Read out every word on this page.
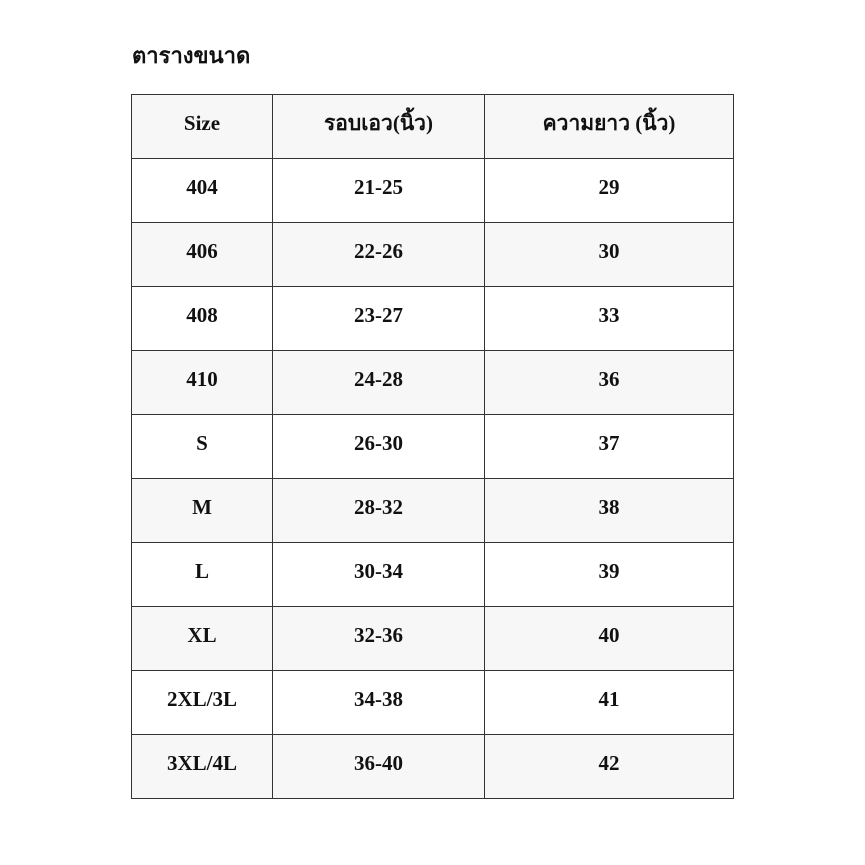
ตารางขนาด
Size	รอบเอว(นิ้ว)	ความยาว (นิ้ว)
404	21-25	29
406	22-26	30
408	23-27	33
410	24-28	36
S	26-30	37
M	28-32	38
L	30-34	39
XL	32-36	40
2XL/3L	34-38	41
3XL/4L	36-40	42
